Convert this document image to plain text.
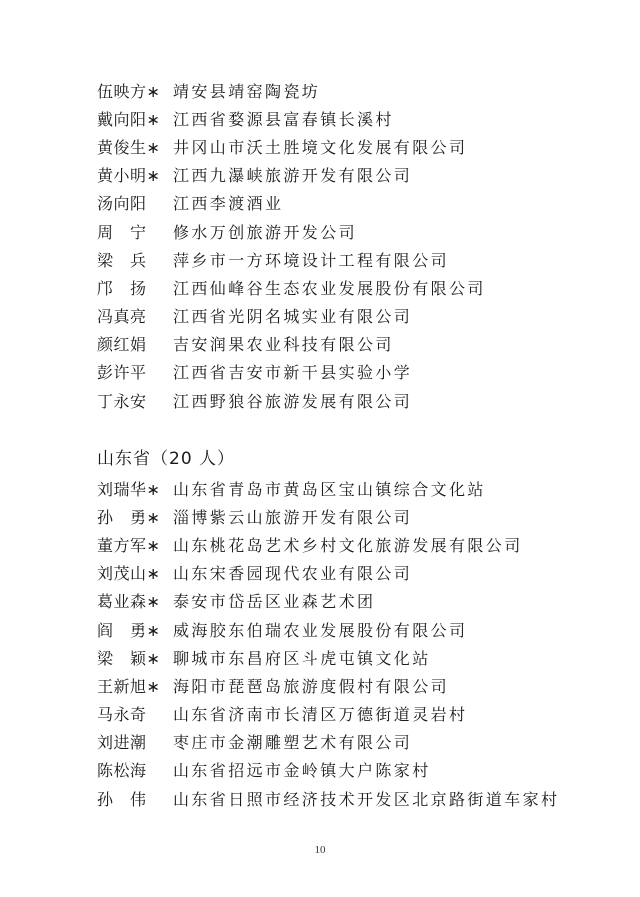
伍映方∗ 靖安县靖窑陶瓷坊
戴向阳∗ 江西省婺源县富春镇长溪村
黄俊生∗ 井冈山市沃土胜境文化发展有限公司
黄小明∗ 江西九瀑峡旅游开发有限公司
汤向阳	江西李渡酒业
周　宁	修水万创旅游开发公司
梁　兵	萍乡市一方环境设计工程有限公司
邝　扬	江西仙峰谷生态农业发展股份有限公司
冯真亮	江西省光阴名城实业有限公司
颜红娟	吉安润果农业科技有限公司
彭许平	江西省吉安市新干县实验小学
丁永安	江西野狼谷旅游发展有限公司
山东省（20 人）
刘瑞华∗ 山东省青岛市黄岛区宝山镇综合文化站
孙　勇∗ 淄博紫云山旅游开发有限公司
董方军∗ 山东桃花岛艺术乡村文化旅游发展有限公司
刘茂山∗ 山东宋香园现代农业有限公司
葛业森∗ 泰安市岱岳区业森艺术团
阎　勇∗ 威海胶东伯瑞农业发展股份有限公司
梁　颖∗ 聊城市东昌府区斗虎屯镇文化站
王新旭∗ 海阳市琵琶岛旅游度假村有限公司
马永奇	山东省济南市长清区万德街道灵岩村
刘进潮	枣庄市金潮雕塑艺术有限公司
陈松海	山东省招远市金岭镇大户陈家村
孙　伟	山东省日照市经济技术开发区北京路街道车家村
10
